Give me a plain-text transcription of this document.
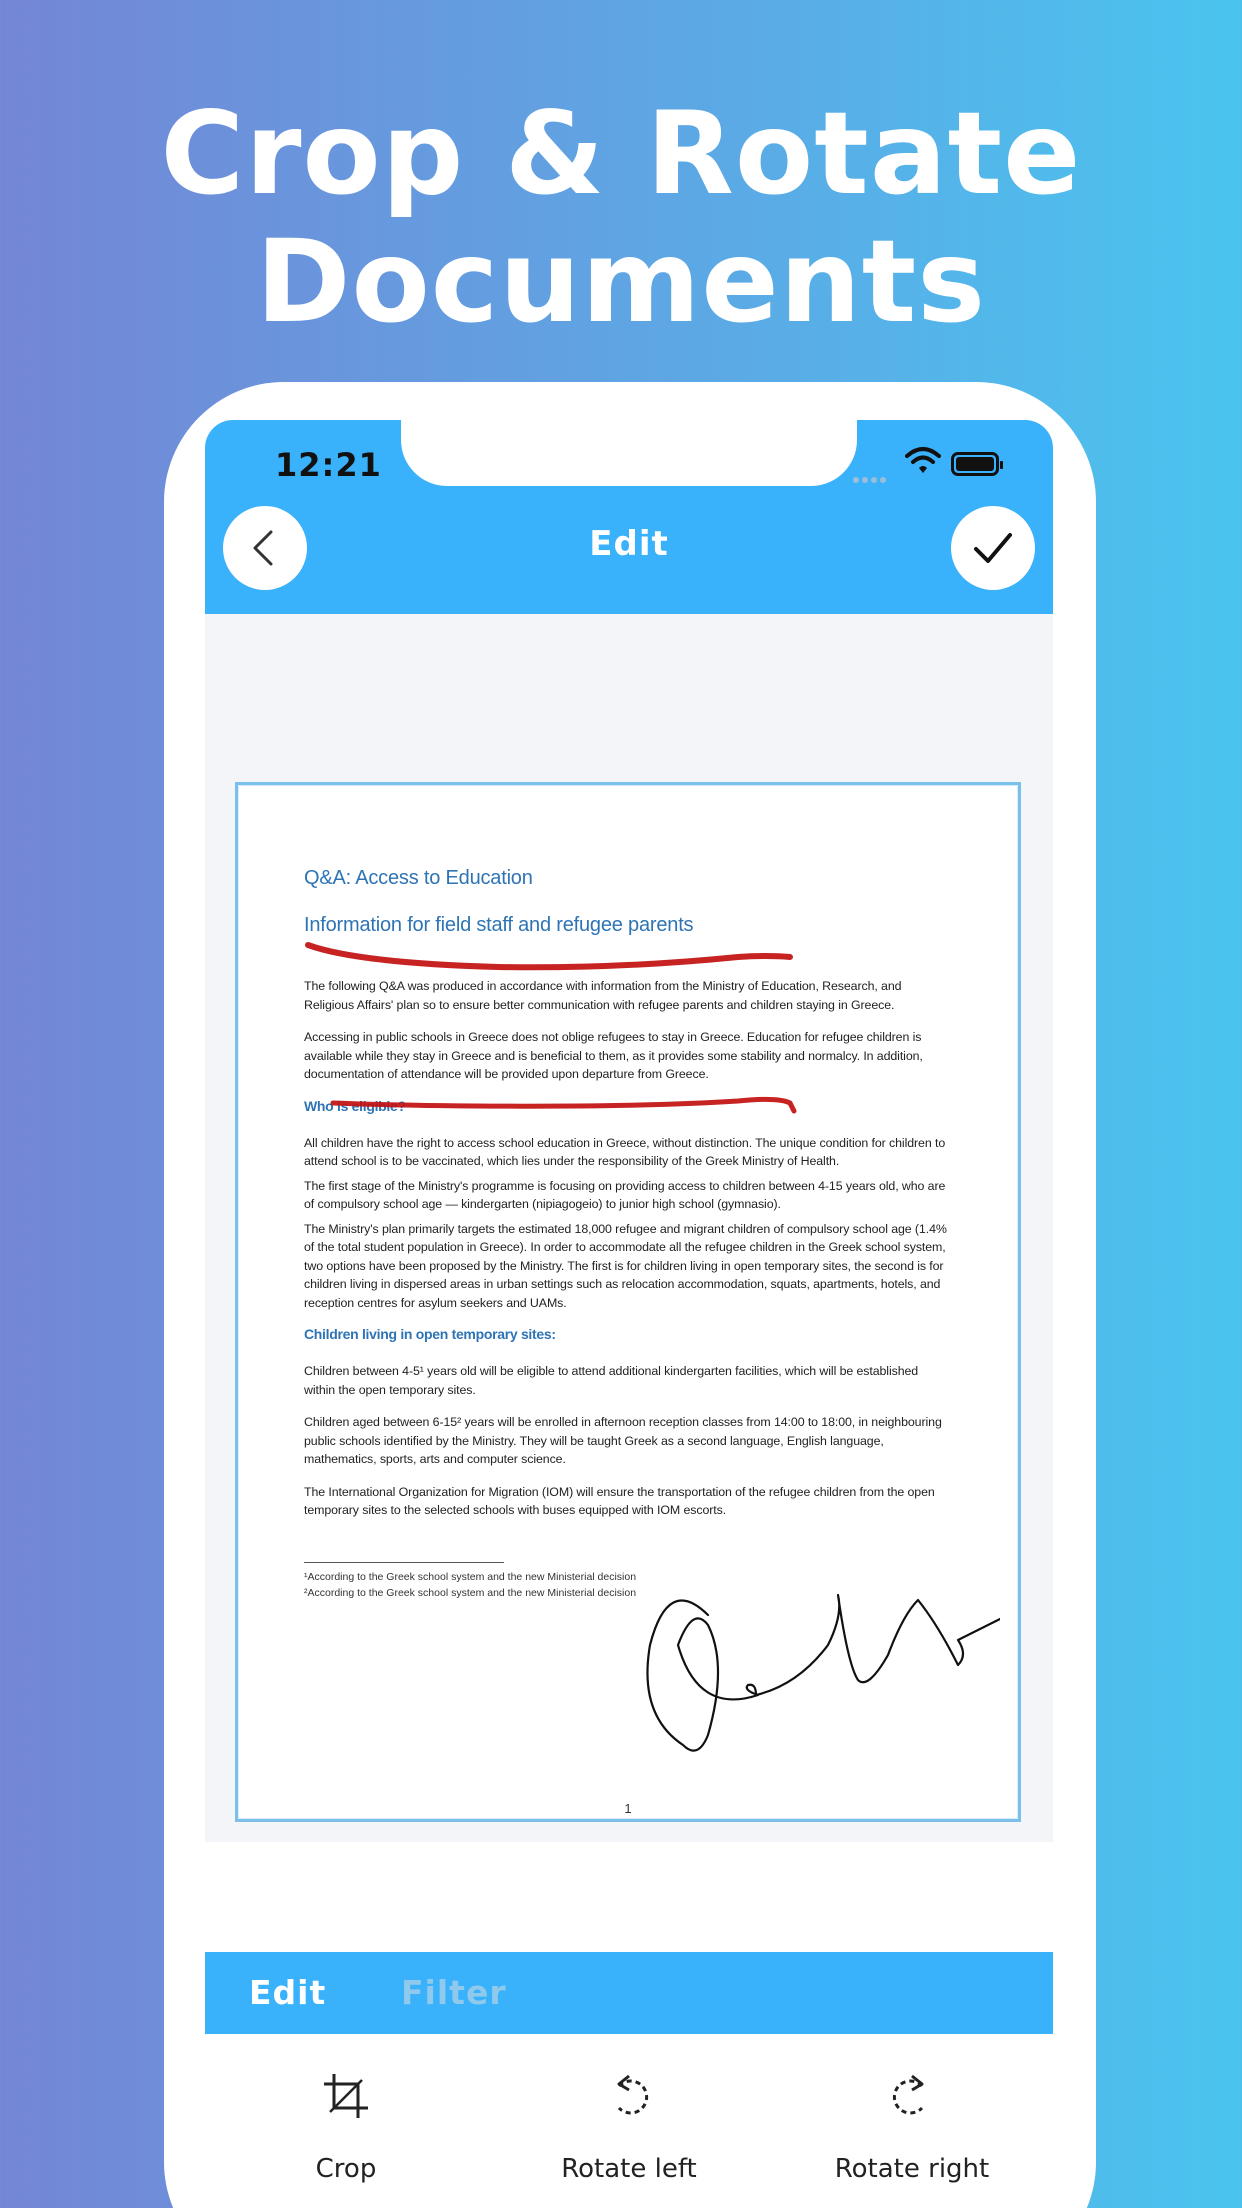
Crop & Rotate
Documents
12:21
Edit
Q&A: Access to Education
Information for field staff and refugee parents
The following Q&A was produced in accordance with information from the Ministry of Education, Research, and Religious Affairs' plan so to ensure better communication with refugee parents and children staying in Greece.
Accessing in public schools in Greece does not oblige refugees to stay in Greece. Education for refugee children is available while they stay in Greece and is beneficial to them, as it provides some stability and normalcy. In addition, documentation of attendance will be provided upon departure from Greece.
Who is eligible?
All children have the right to access school education in Greece, without distinction. The unique condition for children to attend school is to be vaccinated, which lies under the responsibility of the Greek Ministry of Health.
The first stage of the Ministry's programme is focusing on providing access to children between 4-15 years old, who are of compulsory school age — kindergarten (nipiagogeio) to junior high school (gymnasio).
The Ministry's plan primarily targets the estimated 18,000 refugee and migrant children of compulsory school age (1.4% of the total student population in Greece). In order to accommodate all the refugee children in the Greek school system, two options have been proposed by the Ministry. The first is for children living in open temporary sites, the second is for children living in dispersed areas in urban settings such as relocation accommodation, squats, apartments, hotels, and reception centres for asylum seekers and UAMs.
Children living in open temporary sites:
Children between 4-5¹ years old will be eligible to attend additional kindergarten facilities, which will be established within the open temporary sites.
Children aged between 6-15² years will be enrolled in afternoon reception classes from 14:00 to 18:00, in neighbouring public schools identified by the Ministry. They will be taught Greek as a second language, English language, mathematics, sports, arts and computer science.
The International Organization for Migration (IOM) will ensure the transportation of the refugee children from the open temporary sites to the selected schools with buses equipped with IOM escorts.
¹According to the Greek school system and the new Ministerial decision
²According to the Greek school system and the new Ministerial decision
1
Edit Filter
Crop	Rotate left	Rotate right
